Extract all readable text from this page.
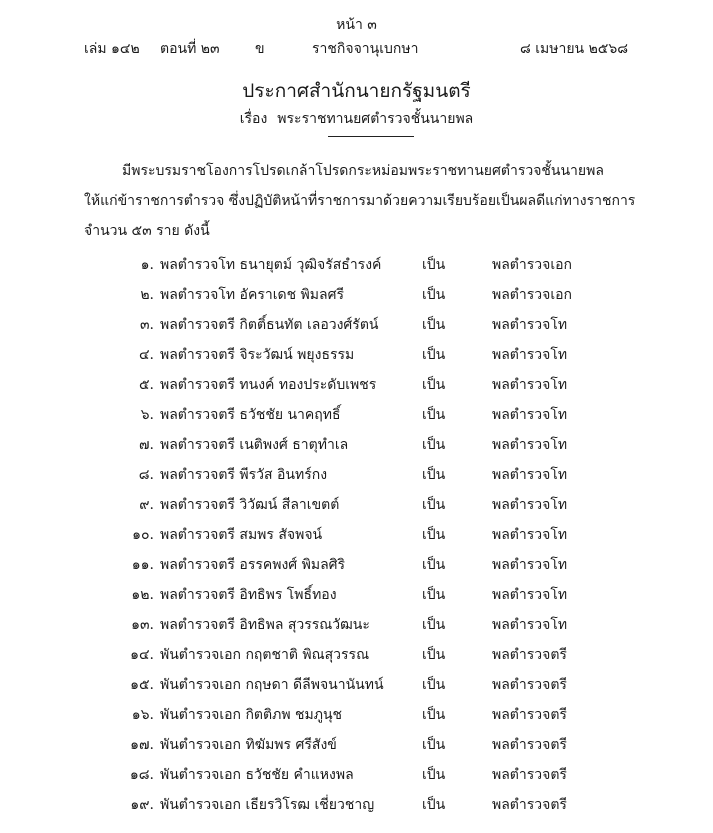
หน้า ๓
เล่ม ๑๔๒ ตอนที่ ๒๓	ข	ราชกิจจานุเบกษา	๘ เมษายน ๒๕๖๘
ประกาศสำนักนายกรัฐมนตรี
เรื่อง พระราชทานยศตำรวจชั้นนายพล
มีพระบรมราชโองการโปรดเกล้าโปรดกระหม่อมพระราชทานยศตำรวจชั้นนายพล
ให้แก่ข้าราชการตำรวจ ซึ่งปฏิบัติหน้าที่ราชการมาด้วยความเรียบร้อยเป็นผลดีแก่ทางราชการ
จำนวน ๕๓ ราย ดังนี้
๑. พลตำรวจโท ธนายุตม์ วุฒิจรัสธำรงค์	เป็น	พลตำรวจเอก
๒. พลตำรวจโท อัคราเดช พิมลศรี	เป็น	พลตำรวจเอก
๓. พลตำรวจตรี กิตติ์ธนทัต เลอวงศ์รัตน์	เป็น	พลตำรวจโท
๔. พลตำรวจตรี จิระวัฒน์ พยุงธรรม	เป็น	พลตำรวจโท
๕. พลตำรวจตรี ทนงค์ ทองประดับเพชร	เป็น	พลตำรวจโท
๖. พลตำรวจตรี ธวัชชัย นาคฤทธิ์	เป็น	พลตำรวจโท
๗. พลตำรวจตรี เนติพงศ์ ธาตุทำเล	เป็น	พลตำรวจโท
๘. พลตำรวจตรี พีรวัส อินทร์กง	เป็น	พลตำรวจโท
๙. พลตำรวจตรี วิวัฒน์ สีลาเขตต์	เป็น	พลตำรวจโท
๑๐. พลตำรวจตรี สมพร สัจพจน์	เป็น	พลตำรวจโท
๑๑. พลตำรวจตรี อรรคพงศ์ พิมลศิริ	เป็น	พลตำรวจโท
๑๒. พลตำรวจตรี อิทธิพร โพธิ์ทอง	เป็น	พลตำรวจโท
๑๓. พลตำรวจตรี อิทธิพล สุวรรณวัฒนะ	เป็น	พลตำรวจโท
๑๔. พันตำรวจเอก กฤตชาติ พิณสุวรรณ	เป็น	พลตำรวจตรี
๑๕. พันตำรวจเอก กฤษดา ดีลีพจนานันทน์	เป็น	พลตำรวจตรี
๑๖. พันตำรวจเอก กิตติภพ ชมภูนุช	เป็น	พลตำรวจตรี
๑๗. พันตำรวจเอก ทิฆัมพร ศรีสังข์	เป็น	พลตำรวจตรี
๑๘. พันตำรวจเอก ธวัชชัย คำแหงพล	เป็น	พลตำรวจตรี
๑๙. พันตำรวจเอก เธียรวิโรฒ เชี่ยวชาญ	เป็น	พลตำรวจตรี
